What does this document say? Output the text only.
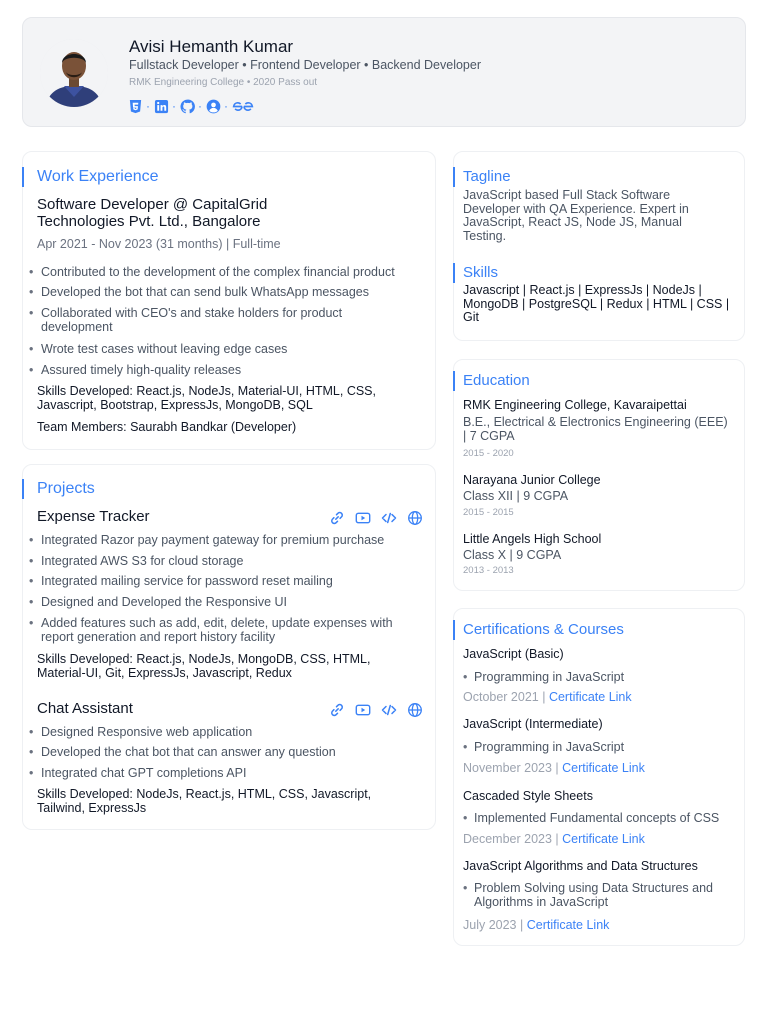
Avisi Hemanth Kumar
Fullstack Developer • Frontend Developer • Backend Developer
RMK Engineering College • 2020 Pass out
· · · ·
Work Experience
Software Developer @ CapitalGrid Technologies Pvt. Ltd., Bangalore
Apr 2021 - Nov 2023 (31 months) | Full-time
• Contributed to the development of the complex financial product
• Developed the bot that can send bulk WhatsApp messages
• Collaborated with CEO's and stake holders for product development
• Wrote test cases without leaving edge cases
• Assured timely high-quality releases
Skills Developed: React.js, NodeJs, Material-UI, HTML, CSS, Javascript, Bootstrap, ExpressJs, MongoDB, SQL
Team Members: Saurabh Bandkar (Developer)
Projects
Expense Tracker
• Integrated Razor pay payment gateway for premium purchase
• Integrated AWS S3 for cloud storage
• Integrated mailing service for password reset mailing
• Designed and Developed the Responsive UI
• Added features such as add, edit, delete, update expenses with report generation and report history facility
Skills Developed: React.js, NodeJs, MongoDB, CSS, HTML, Material-UI, Git, ExpressJs, Javascript, Redux
Chat Assistant
• Designed Responsive web application
• Developed the chat bot that can answer any question
• Integrated chat GPT completions API
Skills Developed: NodeJs, React.js, HTML, CSS, Javascript, Tailwind, ExpressJs
Tagline
JavaScript based Full Stack Software Developer with QA Experience. Expert in JavaScript, React JS, Node JS, Manual Testing.
Skills
Javascript | React.js | ExpressJs | NodeJs | MongoDB | PostgreSQL | Redux | HTML | CSS | Git
Education
RMK Engineering College, Kavaraipettai
B.E., Electrical & Electronics Engineering (EEE) | 7 CGPA
2015 - 2020
Narayana Junior College
Class XII | 9 CGPA
2015 - 2015
Little Angels High School
Class X | 9 CGPA
2013 - 2013
Certifications & Courses
JavaScript (Basic)
• Programming in JavaScript
October 2021 | Certificate Link
JavaScript (Intermediate)
• Programming in JavaScript
November 2023 | Certificate Link
Cascaded Style Sheets
• Implemented Fundamental concepts of CSS
December 2023 | Certificate Link
JavaScript Algorithms and Data Structures
• Problem Solving using Data Structures and Algorithms in JavaScript
July 2023 | Certificate Link
